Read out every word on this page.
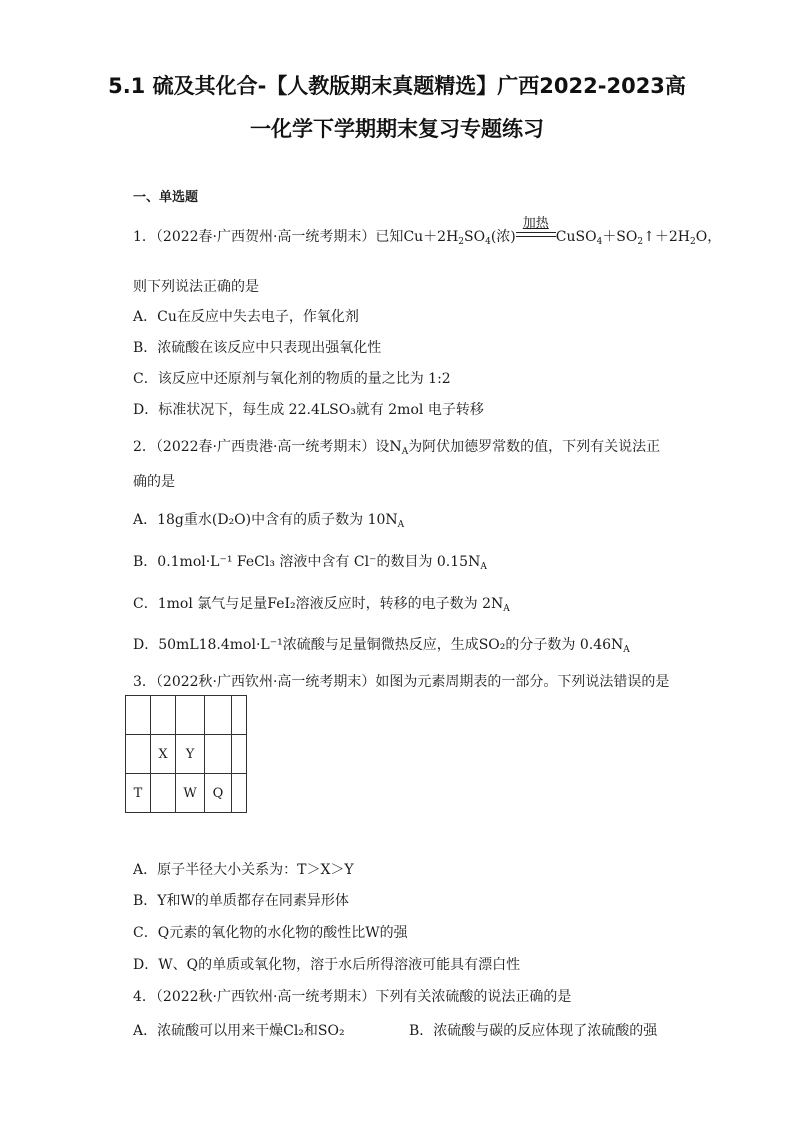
5.1 硫及其化合-【人教版期末真题精选】广西2022-2023高
一化学下学期期末复习专题练习
一、单选题
1．（2022春·广西贺州·高一统考期末）已知$Cu+2H_2SO_4$(浓)
加热
$CuSO_4+SO_2↑+2H_2O$，
则下列说法正确的是
A．Cu在反应中失去电子，作氧化剂
B．浓硫酸在该反应中只表现出强氧化性
C．该反应中还原剂与氧化剂的物质的量之比为 1:2
D．标准状况下，每生成 22.4LSO₃就有 2mol 电子转移
2．（2022春·广西贵港·高一统考期末）设$N_A$为阿伏加德罗常数的值，下列有关说法正
确的是
A．18g重水(D₂O)中含有的质子数为 $10N_A$
B．0.1mol·L⁻¹ FeCl₃ 溶液中含有 Cl⁻的数目为 $0.15N_A$
C．1mol 氯气与足量FeI₂溶液反应时，转移的电子数为 $2N_A$
D．50mL18.4mol·L⁻¹浓硫酸与足量铜微热反应，生成SO₂的分子数为 $0.46N_A$
3．（2022秋·广西钦州·高一统考期末）如图为元素周期表的一部分。下列说法错误的是

	X	Y		
T		W	Q	
A．原子半径大小关系为：T＞X＞Y
B．Y和W的单质都存在同素异形体
C．Q元素的氧化物的水化物的酸性比W的强
D．W、Q的单质或氧化物，溶于水后所得溶液可能具有漂白性
4．（2022秋·广西钦州·高一统考期末）下列有关浓硫酸的说法正确的是
A．浓硫酸可以用来干燥Cl₂和SO₂	B．浓硫酸与碳的反应体现了浓硫酸的强
